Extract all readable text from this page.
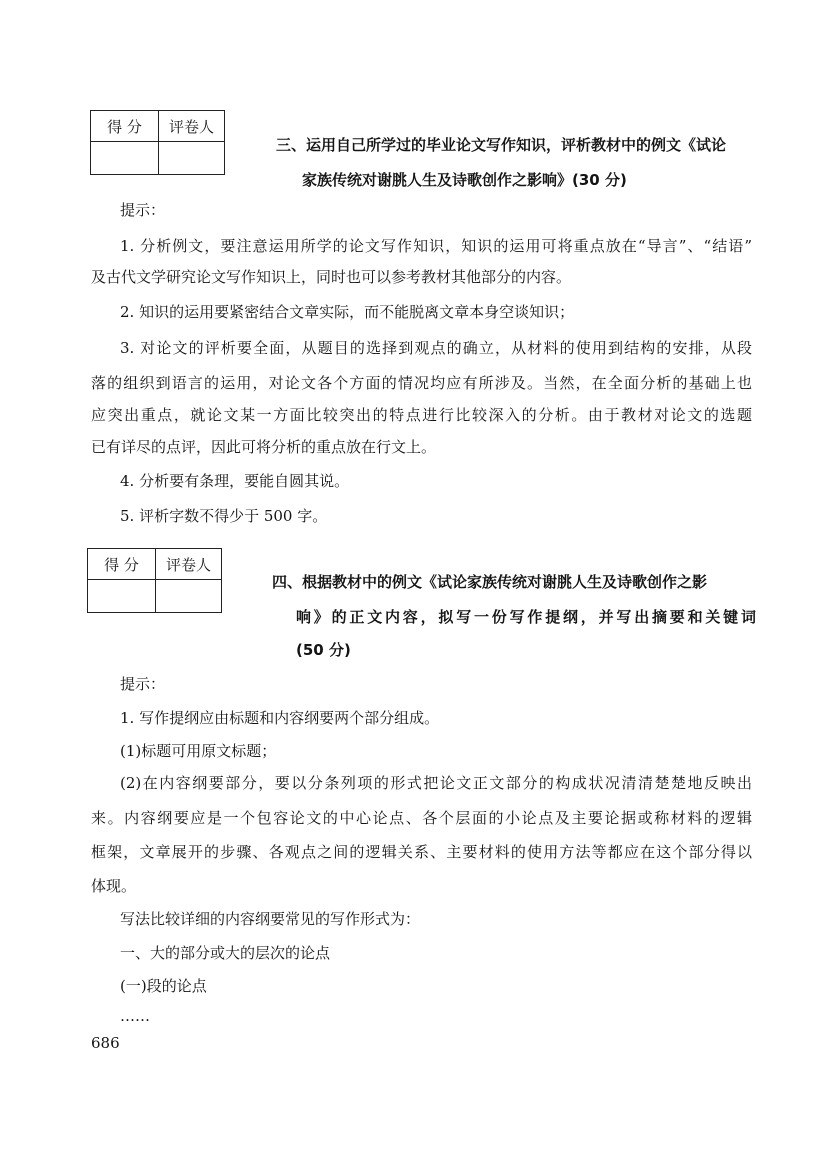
得 分	评卷人

三、运用自己所学过的毕业论文写作知识，评析教材中的例文《试论
家族传统对谢朓人生及诗歌创作之影响》(30 分)
提示：
1. 分析例文，要注意运用所学的论文写作知识，知识的运用可将重点放在“导言”、“结语”
及古代文学研究论文写作知识上，同时也可以参考教材其他部分的内容。
2. 知识的运用要紧密结合文章实际，而不能脱离文章本身空谈知识；
3. 对论文的评析要全面，从题目的选择到观点的确立，从材料的使用到结构的安排，从段
落的组织到语言的运用，对论文各个方面的情况均应有所涉及。当然，在全面分析的基础上也
应突出重点，就论文某一方面比较突出的特点进行比较深入的分析。由于教材对论文的选题
已有详尽的点评，因此可将分析的重点放在行文上。
4. 分析要有条理，要能自圆其说。
5. 评析字数不得少于 500 字。
得 分	评卷人

四、根据教材中的例文《试论家族传统对谢朓人生及诗歌创作之影
响》的正文内容，拟写一份写作提纲，并写出摘要和关键词
(50 分)
提示：
1. 写作提纲应由标题和内容纲要两个部分组成。
(1)标题可用原文标题；
(2)在内容纲要部分，要以分条列项的形式把论文正文部分的构成状况清清楚楚地反映出
来。内容纲要应是一个包容论文的中心论点、各个层面的小论点及主要论据或称材料的逻辑
框架，文章展开的步骤、各观点之间的逻辑关系、主要材料的使用方法等都应在这个部分得以
体现。
写法比较详细的内容纲要常见的写作形式为：
一、大的部分或大的层次的论点
(一)段的论点
……
686
